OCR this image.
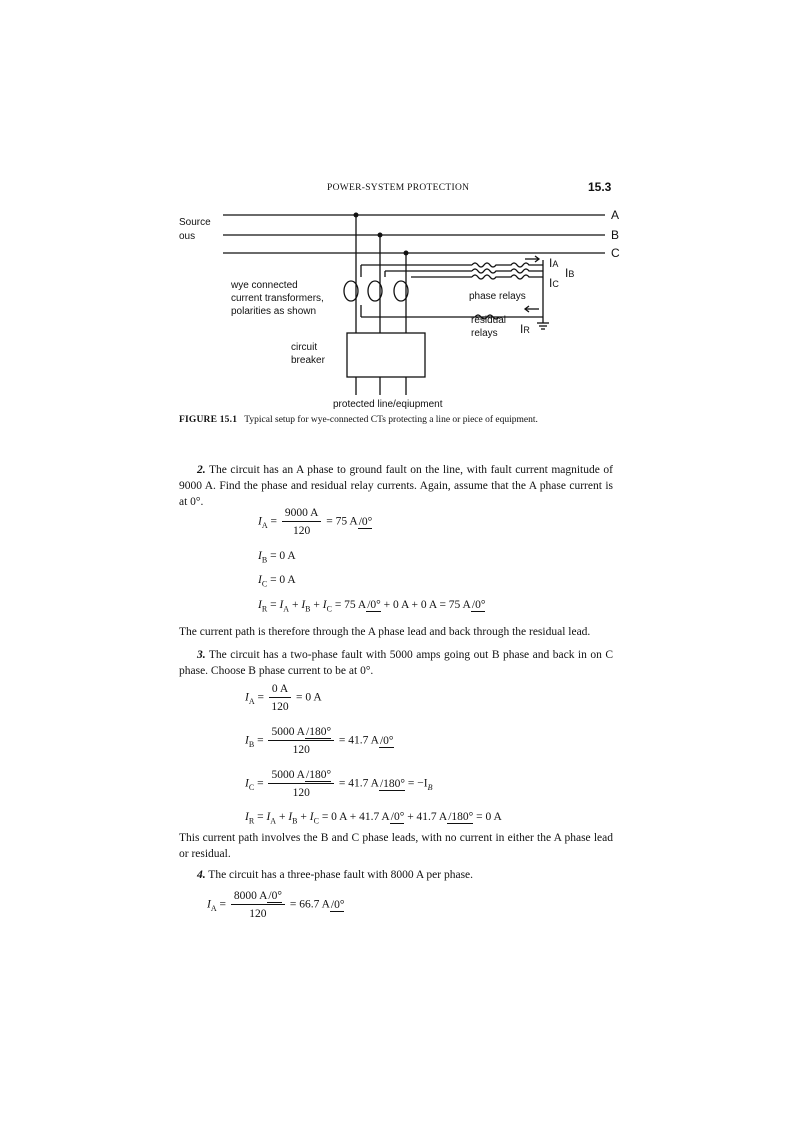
POWER-SYSTEM PROTECTION	15.3
Source
ous
A
B
C
wye connected
current transformers,
polarities as shown
circuit
breaker
phase relays
residual
relays
IA
IB
IC
IR
protected line/eqiupment
FIGURE 15.1 Typical setup for wye-connected CTs protecting a line or piece of equipment.
2. The circuit has an A phase to ground fault on the line, with fault current magnitude of 9000 A. Find the phase and residual relay currents. Again, assume that the A phase current is at 0°.
$I_A = \frac{9000 A}{120} = 75$ A/ 0°
$I_B = 0$ A
$I_C = 0$ A
$I_R = I_A + I_B + I_C = 75$ A/ 0° + 0 A + 0 A = 75 A/ 0°
The current path is therefore through the A phase lead and back through the residual lead.
3. The circuit has a two-phase fault with 5000 amps going out B phase and back in on C phase. Choose B phase current to be at 0°.
$I_A = \frac{0 A}{120} = 0$ A
$I_B = \frac{5000 A/ 180^\circ}{120} = 41.7$ A/ 0°
$I_C = \frac{5000 A/ 180^\circ}{120} = 41.7$ A/ $180^\circ = -I_B$
$I_R = I_A + I_B + I_C = 0$ A + 41.7 A/ 0° + 41.7 A/ 180° = 0 A
This current path involves the B and C phase leads, with no current in either the A phase lead or residual.
4. The circuit has a three-phase fault with 8000 A per phase.
$I_A = \frac{8000 A/ 0^\circ}{120} = 66.7$ A/ 0°
